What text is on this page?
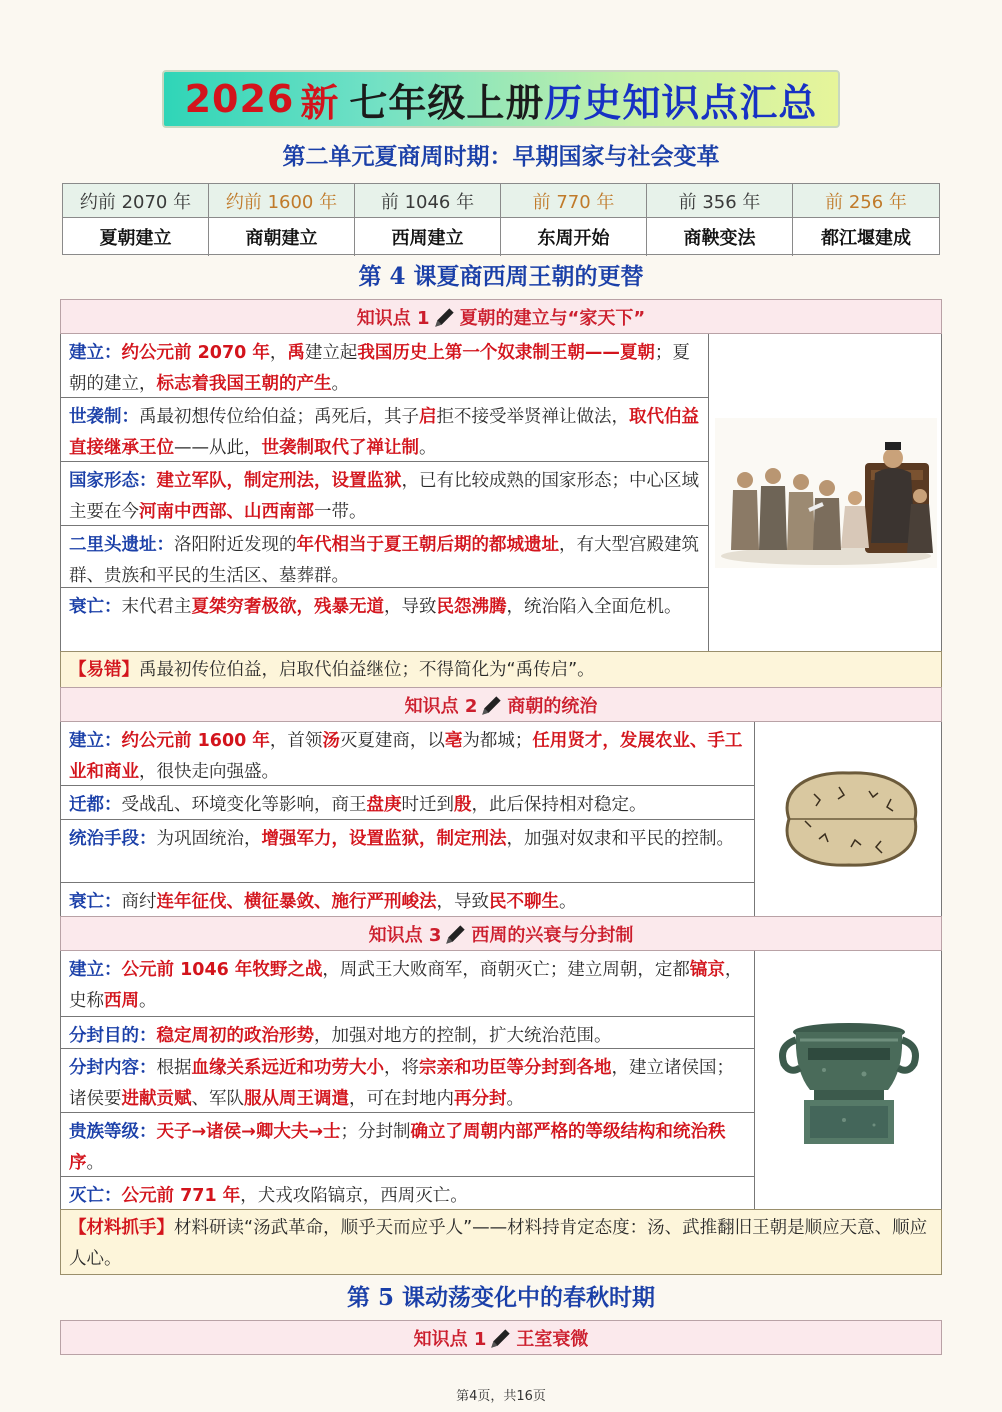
2026 新 七年级上册 历史知识点汇总
第二单元夏商周时期：早期国家与社会变革
约前 2070 年	约前 1600 年	前 1046 年	前 770 年	前 356 年	前 256 年
夏朝建立	商朝建立	西周建立	东周开始	商鞅变法	都江堰建成
第 4 课夏商西周王朝的更替
知识点 1 夏朝的建立与“家天下”
建立：约公元前 2070 年，禹建立起我国历史上第一个奴隶制王朝——夏朝；夏朝的建立，标志着我国王朝的产生。
世袭制：禹最初想传位给伯益；禹死后，其子启拒不接受举贤禅让做法，取代伯益直接继承王位——从此，世袭制取代了禅让制。
国家形态：建立军队，制定刑法，设置监狱，已有比较成熟的国家形态；中心区域主要在今河南中西部、山西南部一带。
二里头遗址：洛阳附近发现的年代相当于夏王朝后期的都城遗址，有大型宫殿建筑群、贵族和平民的生活区、墓葬群。
衰亡：末代君主夏桀穷奢极欲，残暴无道，导致民怨沸腾，统治陷入全面危机。
【易错】禹最初传位伯益，启取代伯益继位；不得简化为“禹传启”。
知识点 2 商朝的统治
建立：约公元前 1600 年，首领汤灭夏建商，以亳为都城；任用贤才，发展农业、手工业和商业，很快走向强盛。
迁都：受战乱、环境变化等影响，商王盘庚时迁到殷，此后保持相对稳定。
统治手段：为巩固统治，增强军力，设置监狱，制定刑法，加强对奴隶和平民的控制。
衰亡：商纣连年征伐、横征暴敛、施行严刑峻法，导致民不聊生。
知识点 3 西周的兴衰与分封制
建立：公元前 1046 年牧野之战，周武王大败商军，商朝灭亡；建立周朝，定都镐京，史称西周。
分封目的：稳定周初的政治形势，加强对地方的控制，扩大统治范围。
分封内容：根据血缘关系远近和功劳大小，将宗亲和功臣等分封到各地，建立诸侯国；诸侯要进献贡赋、军队服从周王调遣，可在封地内再分封。
贵族等级：天子→诸侯→卿大夫→士；分封制确立了周朝内部严格的等级结构和统治秩序。
灭亡：公元前 771 年，犬戎攻陷镐京，西周灭亡。
【材料抓手】材料研读“汤武革命，顺乎天而应乎人”——材料持肯定态度：汤、武推翻旧王朝是顺应天意、顺应人心。
第 5 课动荡变化中的春秋时期
知识点 1 王室衰微
第4页，共16页
